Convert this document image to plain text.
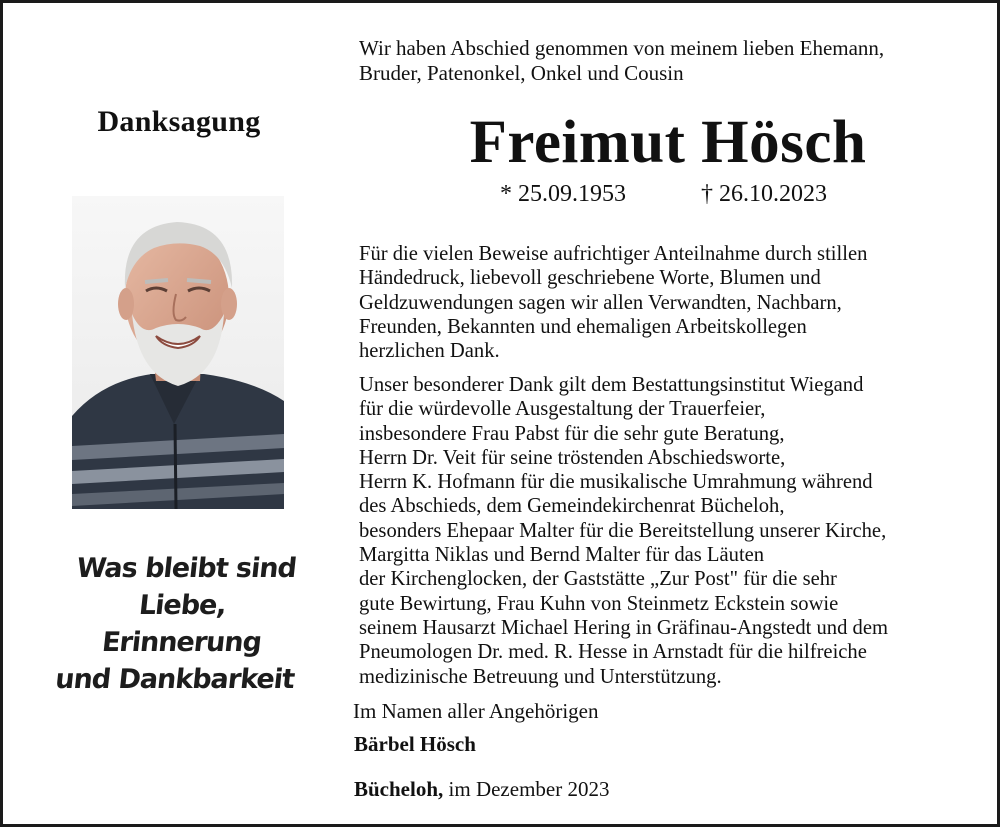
Wir haben Abschied genommen von meinem lieben Ehemann,
Bruder, Patenonkel, Onkel und Cousin
Danksagung	Freimut Hösch
* 25.09.1953	† 26.10.2023
Was bleibt sind Liebe,
Erinnerung
und Dankbarkeit
Für die vielen Beweise aufrichtiger Anteilnahme durch stillen
Händedruck, liebevoll geschriebene Worte, Blumen und
Geldzuwendungen sagen wir allen Verwandten, Nachbarn,
Freunden, Bekannten und ehemaligen Arbeitskollegen
herzlichen Dank.
Unser besonderer Dank gilt dem Bestattungsinstitut Wiegand
für die würdevolle Ausgestaltung der Trauerfeier,
insbesondere Frau Pabst für die sehr gute Beratung,
Herrn Dr. Veit für seine tröstenden Abschiedsworte,
Herrn K. Hofmann für die musikalische Umrahmung während
des Abschieds, dem Gemeindekirchenrat Bücheloh,
besonders Ehepaar Malter für die Bereitstellung unserer Kirche,
Margitta Niklas und Bernd Malter für das Läuten
der Kirchenglocken, der Gaststätte „Zur Post" für die sehr
gute Bewirtung, Frau Kuhn von Steinmetz Eckstein sowie
seinem Hausarzt Michael Hering in Gräfinau-Angstedt und dem
Pneumologen Dr. med. R. Hesse in Arnstadt für die hilfreiche
medizinische Betreuung und Unterstützung.
Im Namen aller Angehörigen
Bärbel Hösch
Bücheloh, im Dezember 2023
